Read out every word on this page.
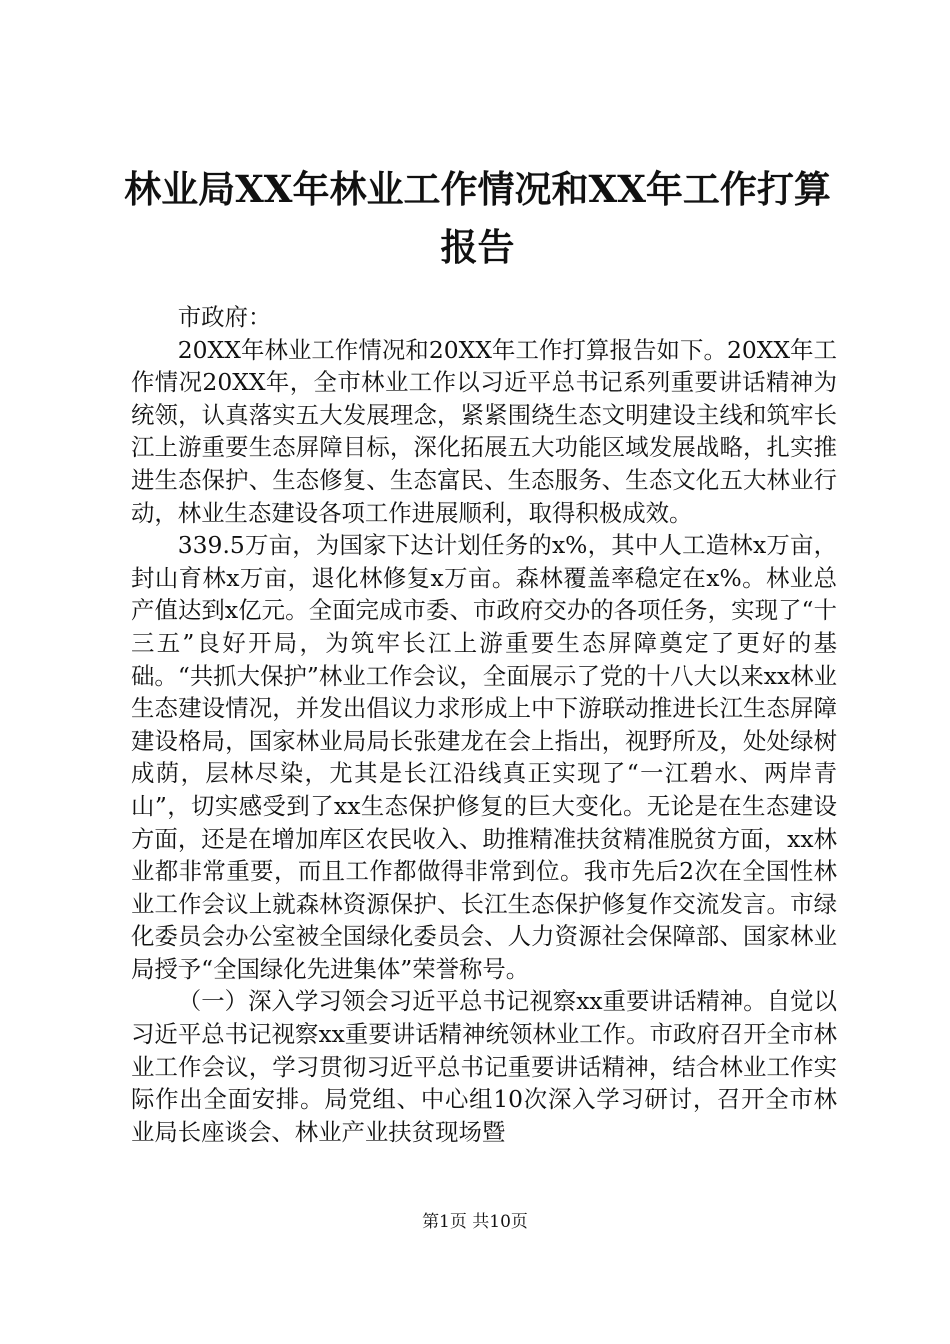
林业局XX年林业工作情况和XX年工作打算报告

市政府：

20XX年林业工作情况和20XX年工作打算报告如下。20XX年工作情况20XX年，全市林业工作以习近平总书记系列重要讲话精神为统领，认真落实五大发展理念，紧紧围绕生态文明建设主线和筑牢长江上游重要生态屏障目标，深化拓展五大功能区域发展战略，扎实推进生态保护、生态修复、生态富民、生态服务、生态文化五大林业行动，林业生态建设各项工作进展顺利，取得积极成效。

339.5万亩，为国家下达计划任务的x%，其中人工造林x万亩，封山育林x万亩，退化林修复x万亩。森林覆盖率稳定在x%。林业总产值达到x亿元。全面完成市委、市政府交办的各项任务，实现了“十三五”良好开局，为筑牢长江上游重要生态屏障奠定了更好的基础。“共抓大保护”林业工作会议，全面展示了党的十八大以来xx林业生态建设情况，并发出倡议力求形成上中下游联动推进长江生态屏障建设格局，国家林业局局长张建龙在会上指出，视野所及，处处绿树成荫，层林尽染，尤其是长江沿线真正实现了“一江碧水、两岸青山”，切实感受到了xx生态保护修复的巨大变化。无论是在生态建设方面，还是在增加库区农民收入、助推精准扶贫精准脱贫方面，xx林业都非常重要，而且工作都做得非常到位。我市先后2次在全国性林业工作会议上就森林资源保护、长江生态保护修复作交流发言。市绿化委员会办公室被全国绿化委员会、人力资源社会保障部、国家林业局授予“全国绿化先进集体”荣誉称号。

（一）深入学习领会习近平总书记视察xx重要讲话精神。自觉以习近平总书记视察xx重要讲话精神统领林业工作。市政府召开全市林业工作会议，学习贯彻习近平总书记重要讲话精神，结合林业工作实际作出全面安排。局党组、中心组10次深入学习研讨，召开全市林业局长座谈会、林业产业扶贫现场暨

第1页 共10页
